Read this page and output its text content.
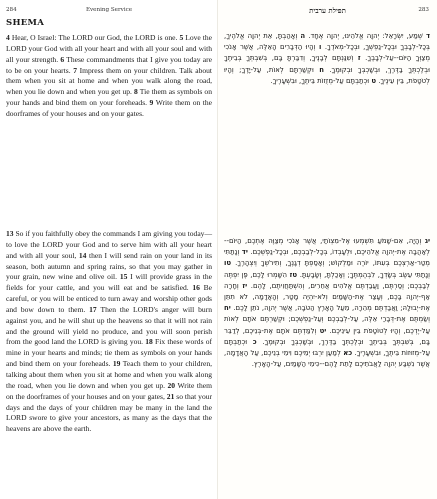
284	Evening Service
SHEMA
4 Hear, O Israel: The LORD our God, the LORD is one. 5 Love the LORD your God with all your heart and with all your soul and with all your strength. 6 These commandments that I give you today are to be on your hearts. 7 Impress them on your children. Talk about them when you sit at home and when you walk along the road, when you lie down and when you get up. 8 Tie them as symbols on your hands and bind them on your foreheads. 9 Write them on the doorframes of your houses and on your gates.
13 So if you faithfully obey the commands I am giving you today—to love the LORD your God and to serve him with all your heart and with all your soul, 14 then I will send rain on your land in its season, both autumn and spring rains, so that you may gather in your grain, new wine and olive oil. 15 I will provide grass in the fields for your cattle, and you will eat and be satisfied. 16 Be careful, or you will be enticed to turn away and worship other gods and bow down to them. 17 Then the LORD's anger will burn against you, and he will shut up the heavens so that it will not rain and the ground will yield no produce, and you will soon perish from the good land the LORD is giving you. 18 Fix these words of mine in your hearts and minds; tie them as symbols on your hands and bind them on your foreheads. 19 Teach them to your children, talking about them when you sit at home and when you walk along the road, when you lie down and when you get up. 20 Write them on the doorframes of your houses and on your gates, 21 so that your days and the days of your children may be many in the land the LORD swore to give your ancestors, as many as the days that the heavens are above the earth.
283
תפילת ערבית
ד שְׁמַע, יִשְׂרָאֵל: יְהוָה אֱלֹהֵינוּ, יְהוָה אֶחָד. ה וְאָהַבְתָּ, אֵת יְהוָה אֱלֹהֶיךָ, בְּכָל-לְבָבְךָ וּבְכָל-נַפְשְׁךָ, וּבְכָל-מְאֹדֶךָ. ו וְהָיוּ הַדְּבָרִים הָאֵלֶּה, אֲשֶׁר אָנֹכִי מְצַוְּךָ הַיּוֹם--עַל-לְבָבֶךָ. ז וְשִׁנַּנְתָּם לְבָנֶיךָ, וְדִבַּרְתָּ בָּם, בְּשִׁבְתְּךָ בְּבֵיתֶךָ וּבְלֶכְתְּךָ בַדֶּרֶךְ, וּבְשָׁכְבְּךָ וּבְקוּמֶךָ. ח וּקְשַׁרְתָּם לְאוֹת, עַל-יָדֶךָ; וְהָיוּ לְטֹטָפֹת, בֵּין עֵינֶיךָ. ט וּכְתַבְתָּם עַל-מְזֻזוֹת בֵּיתֶךָ, וּבִשְׁעָרֶיךָ.
יג וְהָיָה, אִם-שָׁמֹעַ תִּשְׁמְעוּ אֶל-מִצְוֺתַי, אֲשֶׁר אָנֹכִי מְצַוֶּה אֶתְכֶם, הַיּוֹם--לְאַהֲבָה אֶת-יְהוָה אֱלֹהֵיכֶם, וּלְעָבְדוֹ, בְּכָל-לְבַבְכֶם, וּבְכָל-נַפְשְׁכֶם. יד וְנָתַתִּי מְטַר-אַרְצְכֶם בְּעִתּוֹ, יוֹרֶה וּמַלְקוֹשׁ; וְאָסַפְתָּ דְגָנֶךָ, וְתִירֹשְׁךָ וְיִצְהָרֶךָ. טו וְנָתַתִּי עֵשֶׂב בְּשָׂדְךָ, לִבְהֶמְתֶּךָ; וְאָכַלְתָּ, וְשָׂבָעְתָּ. טז הִשָּׁמְרוּ לָכֶם, פֶּן יִפְתֶּה לְבַבְכֶם; וְסַרְתֶּם, וַעֲבַדְתֶּם אֱלֹהִים אֲחֵרִים, וְהִשְׁתַּחֲוִיתֶם, לָהֶם. יז וְחָרָה אַף-יְהוָה בָּכֶם, וְעָצַר אֶת-הַשָּׁמַיִם וְלֹא-יִהְיֶה מָטָר, וְהָאֲדָמָה, לֹא תִתֵּן אֶת-יְבוּלָהּ; וַאֲבַדְתֶּם מְהֵרָה, מֵעַל הָאָרֶץ הַטֹּבָה, אֲשֶׁר יְהוָה, נֹתֵן לָכֶם. יח וְשַׂמְתֶּם אֶת-דְּבָרַי אֵלֶּה, עַל-לְבַבְכֶם וְעַל-נַפְשְׁכֶם; וּקְשַׁרְתֶּם אֹתָם לְאוֹת עַל-יֶדְכֶם, וְהָיוּ לְטוֹטָפֹת בֵּין עֵינֵיכֶם. יט וְלִמַּדְתֶּם אֹתָם אֶת-בְּנֵיכֶם, לְדַבֵּר בָּם, בְּשִׁבְתְּךָ בְּבֵיתֶךָ וּבְלֶכְתְּךָ בַדֶּרֶךְ, וּבְשָׁכְבְּךָ וּבְקוּמֶךָ. כ וּכְתַבְתָּם עַל-מְזוּזוֹת בֵּיתֶךָ, וּבִשְׁעָרֶיךָ. כא לְמַעַן יִרְבּוּ יְמֵיכֶם וִימֵי בְנֵיכֶם, עַל הָאֲדָמָה, אֲשֶׁר נִשְׁבַּע יְהוָה לַאֲבֹתֵיכֶם לָתֵת לָהֶם--כִּימֵי הַשָּׁמַיִם, עַל-הָאָרֶץ.
